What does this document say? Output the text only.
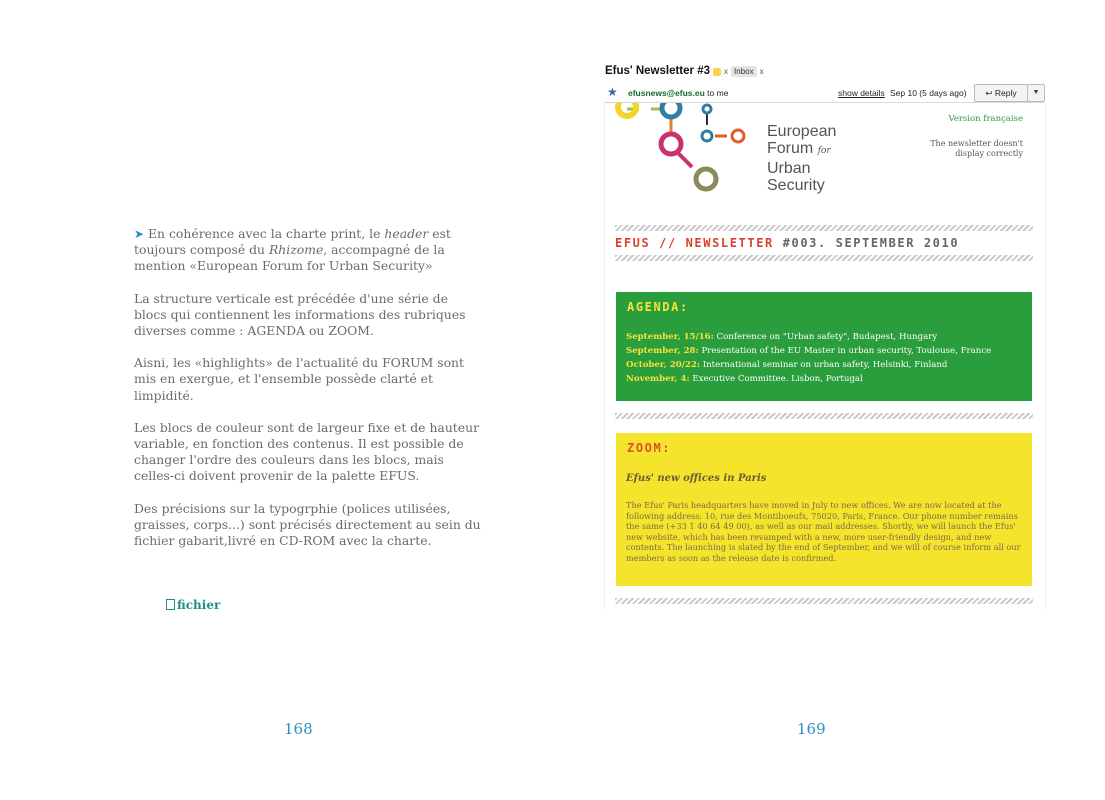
➤ En cohérence avec la charte print, le header est toujours composé du Rhizome, accompagné de la mention «European Forum for Urban Security»

La structure verticale est précédée d'une série de blocs qui contiennent les informations des rubriques diverses comme : AGENDA ou ZOOM.

Aisni, les «highlights» de l'actualité du FORUM sont mis en exergue, et l'ensemble possède clarté et limpidité.

Les blocs de couleur sont de largeur fixe et de hauteur variable, en fonction des contenus. Il est possible de changer l'ordre des couleurs dans les blocs, mais celles-ci doivent provenir de la palette EFUS.

Des précisions sur la typogrphie (polices utilisées, graisses, corps...) sont précisés directement au sein du fichier gabarit,livré en CD-ROM avec la charte.

fichier
168
Efus' Newsletter #3 x Inbox x
★ efusnews@efus.eu to me	show details Sep 10 (5 days ago)	↩ Reply	▼
European
Forum for
Urban
Security
Version française
The newsletter doesn't display correctly
EFUS // NEWSLETTER #003. SEPTEMBER 2010
AGENDA:
September, 15/16: Conference on "Urban safety", Budapest, Hungary
September, 28: Presentation of the EU Master in urban security, Toulouse, France
October, 20/22: International seminar on urban safety, Helsinki, Finland
November, 4: Executive Committee. Lisbon, Portugal
ZOOM:
Efus' new offices in Paris
The Efus' Paris headquarters have moved in July to new offices. We are now located at the following address: 10, rue des Montiboeufs, 75020, Paris, France. Our phone number remains the same (+33 1 40 64 49 00), as well as our mail addresses. Shortly, we will launch the Efus' new website, which has been revamped with a new, more user-friendly design, and new contents. The launching is slated by the end of September, and we will of course inform all our members as soon as the release date is confirmed.
169
